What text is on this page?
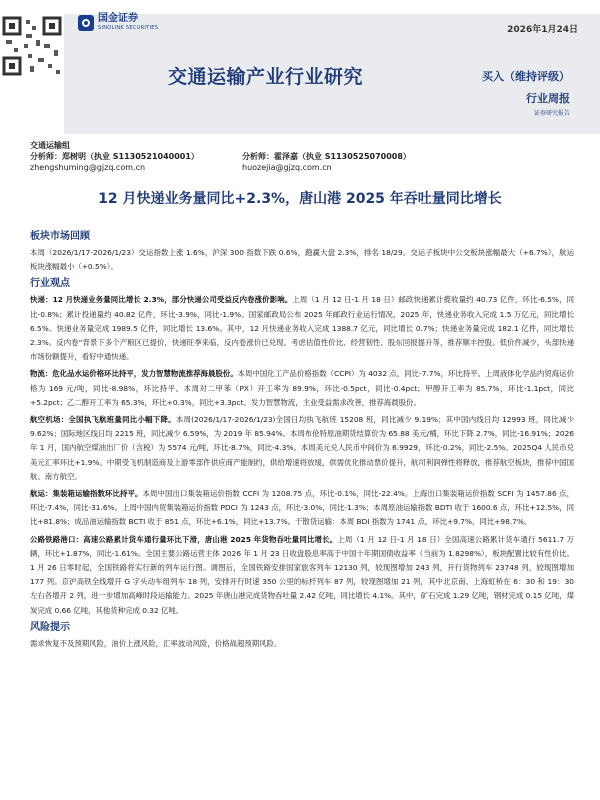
国金证券
SINOLINK SECURITIES	2026年1月24日
交通运输产业行业研究	买入（维持评级）
行业周报
证券研究报告
交通运输组
分析师：郑树明（执业 S1130521040001）	分析师：霍泽嘉（执业 S1130525070008）
zhengshuming@gjzq.com.cn	huozejia@gjzq.com.cn
12 月快递业务量同比+2.3%，唐山港 2025 年吞吐量同比增长
板块市场回顾

本周（2026/1/17-2026/1/23）交运指数上涨 1.6%，沪深 300 指数下跌 0.6%，跑赢大盘 2.3%，排名 18/29。交运子板块中公交板块涨幅最大（+6.7%），航运板块涨幅最小（+0.5%）。

行业观点

快递：12 月快递业务量同比增长 2.3%，部分快递公司受益反内卷涨价影响。上周（1 月 12 日-1 月 18 日）邮政快递累计揽收量约 40.73 亿件，环比-6.5%，同比-0.8%；累计投递量约 40.82 亿件，环比-3.9%，同比-1.9%。国家邮政局公布 2025 年邮政行业运行情况，2025 年，快递业务收入完成 1.5 万亿元，同比增长 6.5%。快递业务量完成 1989.5 亿件，同比增长 13.6%。其中，12 月快递业务收入完成 1388.7 亿元，同比增长 0.7%；快递业务量完成 182.1 亿件，同比增长 2.3%。反内卷“背景下多个产粮区已提价，快递旺季来临，反内卷涨价已兑现。考虑估值性价比、经营韧性、股东回报提升等，推荐顺丰控股。低价件减少，头部快递市场份额提升，看好中通快递。

物流：危化品水运价格环比持平，发力智慧物流推荐海晨股份。本周中国化工产品价格指数（CCPI）为 4032 点，同比-7.7%，环比持平。上周液体化学品内贸海运价格为 169 元/吨，同比-8.98%，环比持平。本周对二甲苯（PX）开工率为 89.9%，环比-0.5pct，同比-0.4pct；甲醇开工率为 85.7%，环比-1.1pct，同比+5.2pct；乙二醇开工率为 65.3%，环比+0.3%，同比+3.3pct。发力智慧物流，主业受益需求改善，推荐海晨股份。

航空机场：全国执飞航班量同比小幅下降。本周(2026/1/17-2026/1/23)全国日均执飞航班 15208 班，同比减少 9.19%；其中国内线日均 12993 班，同比减少 9.62%；国际地区线日均 2215 班，同比减少 6.59%，为 2019 年 85.94%。本周布伦特原油期货结算价为 65.88 美元/桶，环比下降 2.7%，同比-16.91%；2026 年 1 月，国内航空煤油出厂价（含税）为 5574 元/吨，环比-8.7%，同比-4.3%。本周美元兑人民币中间价为 6.9929，环比-0.2%，同比-2.5%。2025Q4 人民币兑美元汇率环比+1.9%。中期受飞机制造商及上游零部件供应商产能制约，供给增速将放缓，供需优化推动票价提升，航司利润弹性将释放，推荐航空板块，推荐中国国航、南方航空。

航运：集装箱运输指数环比持平。本周中国出口集装箱运价指数 CCFI 为 1208.75 点，环比-0.1%，同比-22.4%。上海出口集装箱运价指数 SCFI 为 1457.86 点，环比-7.4%，同比-31.6%。上周中国内贸集装箱运价指数 PDCI 为 1243 点，环比-3.0%，同比-1.3%；本周原油运输指数 BDTI 收于 1600.6 点，环比+12.5%，同比+81.8%；成品油运输指数 BCTI 收于 851 点，环比+6.1%，同比+13.7%。干散货运输：本周 BDI 指数为 1741 点，环比+9.7%，同比+98.7%。

公路铁路港口：高速公路累计货车通行量环比下滑，唐山港 2025 年货物吞吐量同比增长。上周（1 月 12 日-1 月 18 日）全国高速公路累计货车通行 5611.7 万辆，环比+1.87%，同比-1.61%。全国主要公路运营主体 2026 年 1 月 23 日收盘股息率高于中国十年期国债收益率（当前为 1.8298%），板块配置比较有性价比。1 月 26 日零时起，全国铁路将实行新的列车运行图。调图后，全国铁路安排国家旅客列车 12130 列，较现图增加 243 列，开行货物列车 23748 列，较现图增加 177 列。京沪高铁全线增开 G 字头动车组列车 18 列，安排开行时速 350 公里的标杆列车 87 列，较现图增加 21 列，其中北京南、上海虹桥在 6：30 和 19：30 左右各增开 2 列，进一步增加高峰时段运输能力。2025 年唐山港完成货物吞吐量 2.42 亿吨，同比增长 4.1%。其中，矿石完成 1.29 亿吨，钢材完成 0.15 亿吨，煤炭完成 0.66 亿吨，其他货种完成 0.32 亿吨。

风险提示

需求恢复不及预期风险，油价上涨风险，汇率波动风险，价格战超预期风险。
